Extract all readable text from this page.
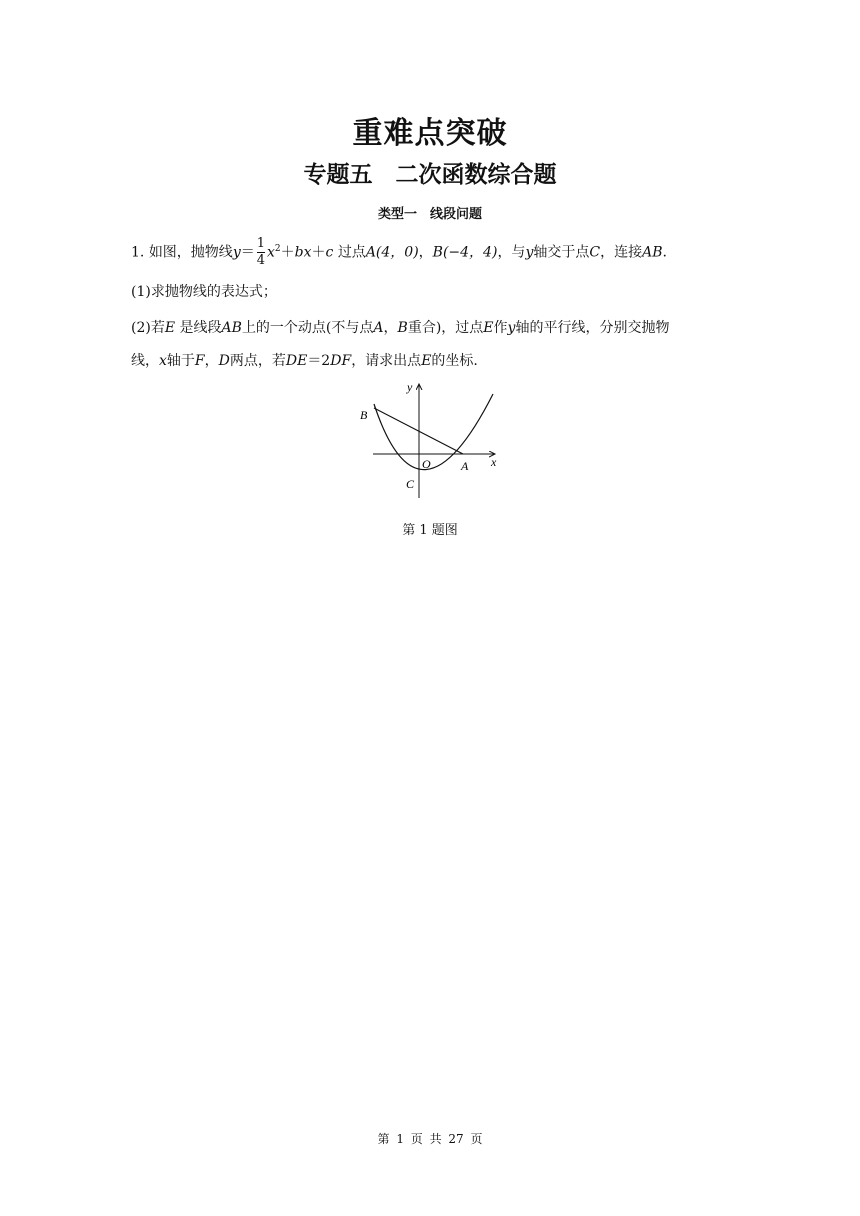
重难点突破
专题五　二次函数综合题
类型一　线段问题
1. 如图，抛物线$y= \frac{1}{4} x^2+bx+c$ 过点A(4，0)，B(−4，4)，与y轴交于点C，连接AB.
(1)求抛物线的表达式；
(2)若E 是线段AB上的一个动点(不与点A，B重合)，过点E作y轴的平行线，分别交抛物
线，x轴于F，D两点，若DE＝2DF，请求出点E的坐标.
y
x
O	A
B
C
第 1 题图
第 1 页 共 27 页
